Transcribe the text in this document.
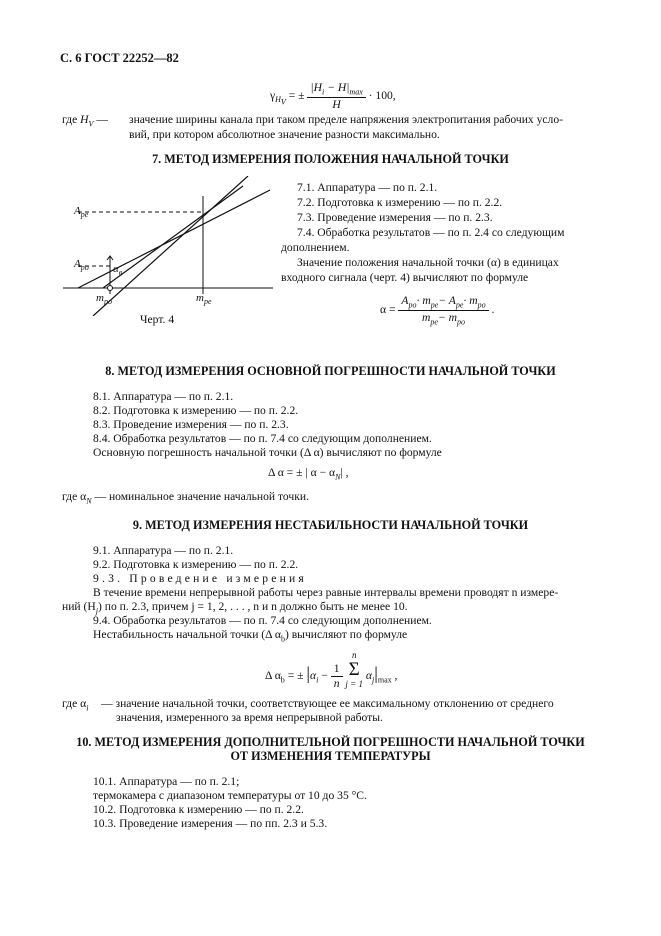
С. 6 ГОСТ 22252—82
$\gamma_{H_V}$ = ± $\frac{|H_i - H|_{max}}{H} \cdot 100$,
где $H_V$ — значение ширины канала при таком пределе напряжения электропитания рабочих усло-
вий, при котором абсолютное значение разности максимально.
7. МЕТОД ИЗМЕРЕНИЯ ПОЛОЖЕНИЯ НАЧАЛЬНОЙ ТОЧКИ
$A_{pe}$
$A_{po}$ $\alpha_в$
$m_{po}$	$m_{pe}$
Черт. 4
7.1. Аппаратура — по п. 2.1.
7.2. Подготовка к измерению — по п. 2.2.
7.3. Проведение измерения — по п. 2.3.
7.4. Обработка результатов — по п. 2.4 со следующим
дополнением.
Значение положения начальной точки (α) в единицах
входного сигнала (черт. 4) вычисляют по формуле
$\alpha = \frac{A_{po}\cdot m_{pe}- A_{pe}\cdot m_{po}}{m_{pe}- m_{po}}$ .
8. МЕТОД ИЗМЕРЕНИЯ ОСНОВНОЙ ПОГРЕШНОСТИ НАЧАЛЬНОЙ ТОЧКИ
8.1. Аппаратура — по п. 2.1.
8.2. Подготовка к измерению — по п. 2.2.
8.3. Проведение измерения — по п. 2.3.
8.4. Обработка результатов — по п. 7.4 со следующим дополнением.
Основную погрешность начальной точки (Δ α) вычисляют по формуле
Δ α = ± | $\alpha - \alpha_N|$ ,
где $\alpha_N$ — номинальное значение начальной точки.
9. МЕТОД ИЗМЕРЕНИЯ НЕСТАБИЛЬНОСТИ НАЧАЛЬНОЙ ТОЧКИ
9.1. Аппаратура — по п. 2.1.
9.2. Подготовка к измерению — по п. 2.2.
9.3. Проведение измерения
В течение времени непрерывной работы через равные интервалы времени проводят n измере-
ний $(H_j)$ по п. 2.3, причем j = 1, 2, . . . , n и n должно быть не менее 10.
9.4. Обработка результатов — по п. 7.4 со следующим дополнением.
Нестабильность начальной точки (Δ $\alpha_b$) вычисляют по формуле
Δ $\alpha_b$ = ± $|\alpha_i - \frac{1}{n}$

n
Σ
j = 1
$\alpha_j|_{max}$ ,
где $\alpha_i$ — значение начальной точки, соответствующее ее максимальному отклонению от среднего
значения, измеренного за время непрерывной работы.
10. МЕТОД ИЗМЕРЕНИЯ ДОПОЛНИТЕЛЬНОЙ ПОГРЕШНОСТИ НАЧАЛЬНОЙ ТОЧКИ
ОТ ИЗМЕНЕНИЯ ТЕМПЕРАТУРЫ
10.1. Аппаратура — по п. 2.1;
термокамера с диапазоном температуры от 10 до 35 °С.
10.2. Подготовка к измерению — по п. 2.2.
10.3. Проведение измерения — по пп. 2.3 и 5.3.
